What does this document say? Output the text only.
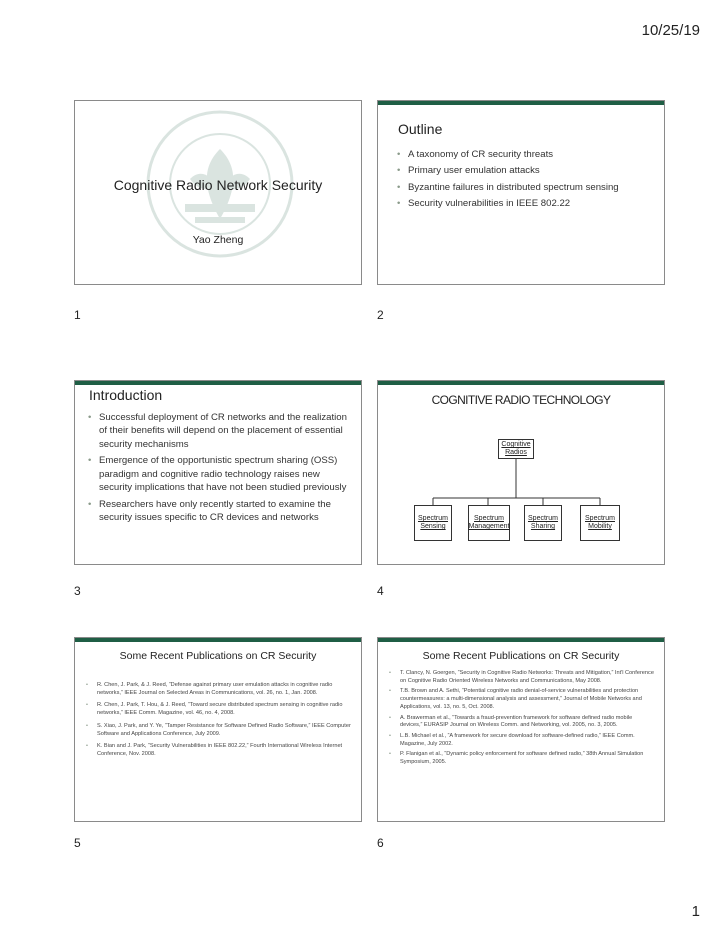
10/25/19
Cognitive Radio Network Security
Yao Zheng
1
Outline
• A taxonomy of CR security threats
• Primary user emulation attacks
• Byzantine failures in distributed spectrum sensing
• Security vulnerabilities in IEEE 802.22
2
Introduction
• Successful deployment of CR networks and the realization of their benefits will depend on the placement of essential security mechanisms
• Emergence of the opportunistic spectrum sharing (OSS) paradigm and cognitive radio technology raises new security implications that have not been studied previously
• Researchers have only recently started to examine the security issues specific to CR devices and networks
3
COGNITIVE RADIO TECHNOLOGY
Cognitive Radios
Spectrum Sensing
Spectrum Management
Spectrum Sharing
Spectrum Mobility
4
Some Recent Publications on CR Security
• R. Chen, J. Park, & J. Reed, “Defense against primary user emulation attacks in cognitive radio networks,” IEEE Journal on Selected Areas in Communications, vol. 26, no. 1, Jan. 2008.
• R. Chen, J. Park, T. Hou, & J. Reed, “Toward secure distributed spectrum sensing in cognitive radio networks,” IEEE Comm. Magazine, vol. 46, no. 4, 2008.
• S. Xiao, J. Park, and Y. Ye, “Tamper Resistance for Software Defined Radio Software,” IEEE Computer Software and Applications Conference, July 2009.
• K. Bian and J. Park, “Security Vulnerabilities in IEEE 802.22,” Fourth International Wireless Internet Conference, Nov. 2008.
5
Some Recent Publications on CR Security
• T. Clancy, N. Goergen, “Security in Cognitive Radio Networks: Threats and Mitigation,” Int'l Conference on Cognitive Radio Oriented Wireless Networks and Communications, May 2008.
• T.B. Brown and A. Sethi, “Potential cognitive radio denial-of-service vulnerabilities and protection countermeasures: a multi-dimensional analysis and assessment,” Journal of Mobile Networks and Applications, vol. 13, no. 5, Oct. 2008.
• A. Brawerman et al., “Towards a fraud-prevention framework for software defined radio mobile devices,” EURASIP Journal on Wireless Comm. and Networking, vol. 2005, no. 3, 2005.
• L.B. Michael et al., “A framework for secure download for software-defined radio,” IEEE Comm. Magazine, July 2002.
• P. Flanigan et al., “Dynamic policy enforcement for software defined radio,” 38th Annual Simulation Symposium, 2005.
6
1
